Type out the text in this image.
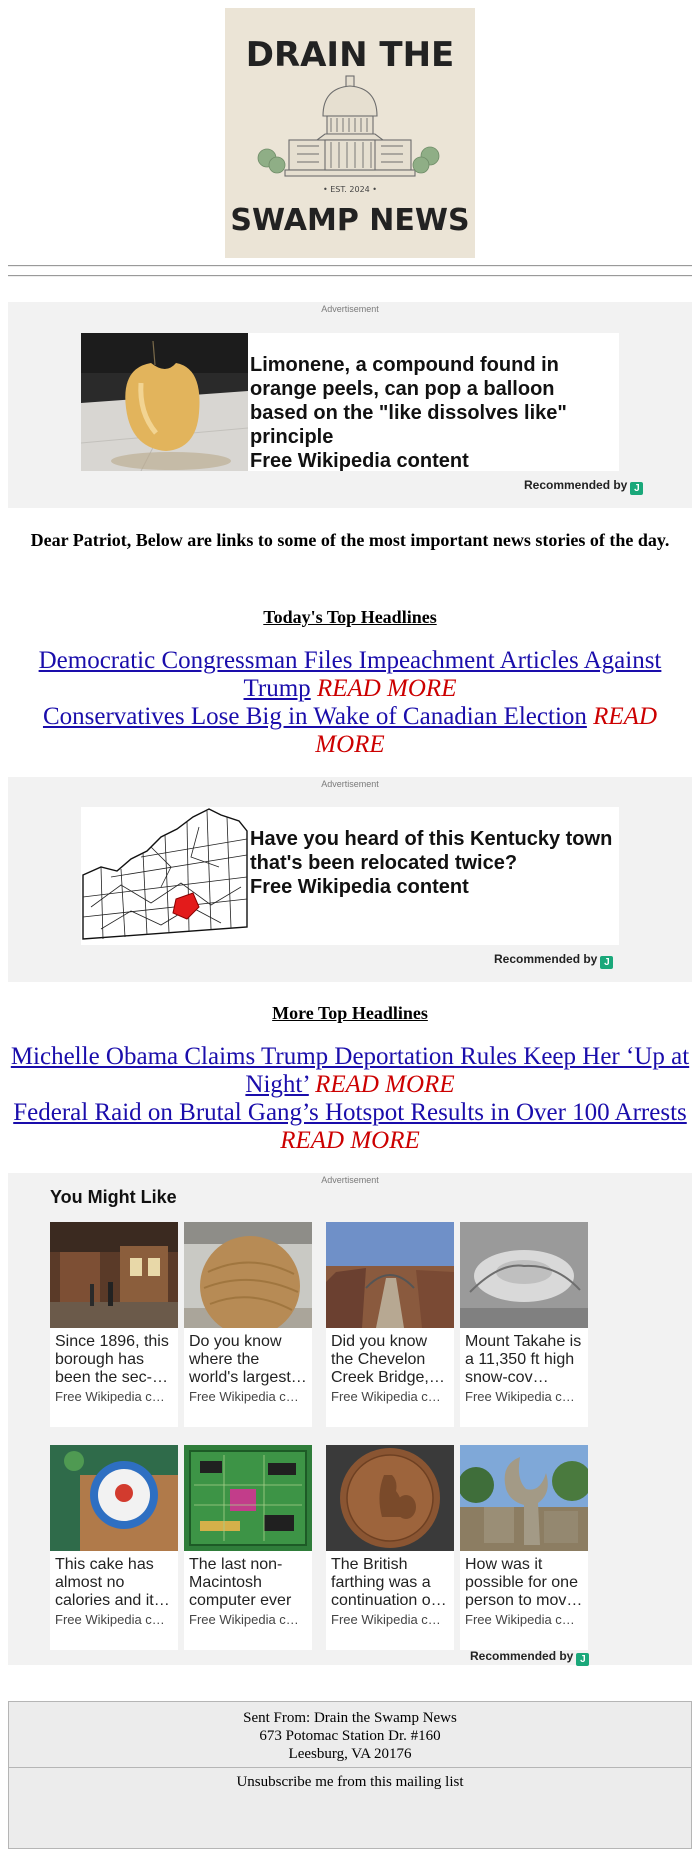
DRAIN THE
• EST. 2024 •
SWAMP NEWS
Advertisement
Limonene, a compound found in orange peels, can pop a balloon based on the "like dissolves like" principle
Free Wikipedia content
Recommended by J
Dear Patriot, Below are links to some of the most important news stories of the day.
Today's Top Headlines

Democratic Congressman Files Impeachment Articles Against Trump READ MORE

Conservatives Lose Big in Wake of Canadian Election READ MORE

Advertisement
Have you heard of this Kentucky town that's been relocated twice?
Free Wikipedia content
Recommended by J
More Top Headlines

Michelle Obama Claims Trump Deportation Rules Keep Her ‘Up at Night’ READ MORE

Federal Raid on Brutal Gang’s Hotspot Results in Over 100 Arrests READ MORE

Advertisement
You Might Like
Since 1896, this borough has been the sec-…
Free Wikipedia c…
Do you know where the world's largest…
Free Wikipedia c…
Did you know the Chevelon Creek Bridge,…
Free Wikipedia c…
Mount Takahe is a 11,350 ft high snow-cov…
Free Wikipedia c…
This cake has almost no calories and it…
Free Wikipedia c…
The last non-Macintosh computer ever
Free Wikipedia c…
The British farthing was a continuation o…
Free Wikipedia c…
How was it possible for one person to mov…
Free Wikipedia c…
Recommended by J
Sent From: Drain the Swamp News
673 Potomac Station Dr. #160
Leesburg, VA 20176
Unsubscribe me from this mailing list
